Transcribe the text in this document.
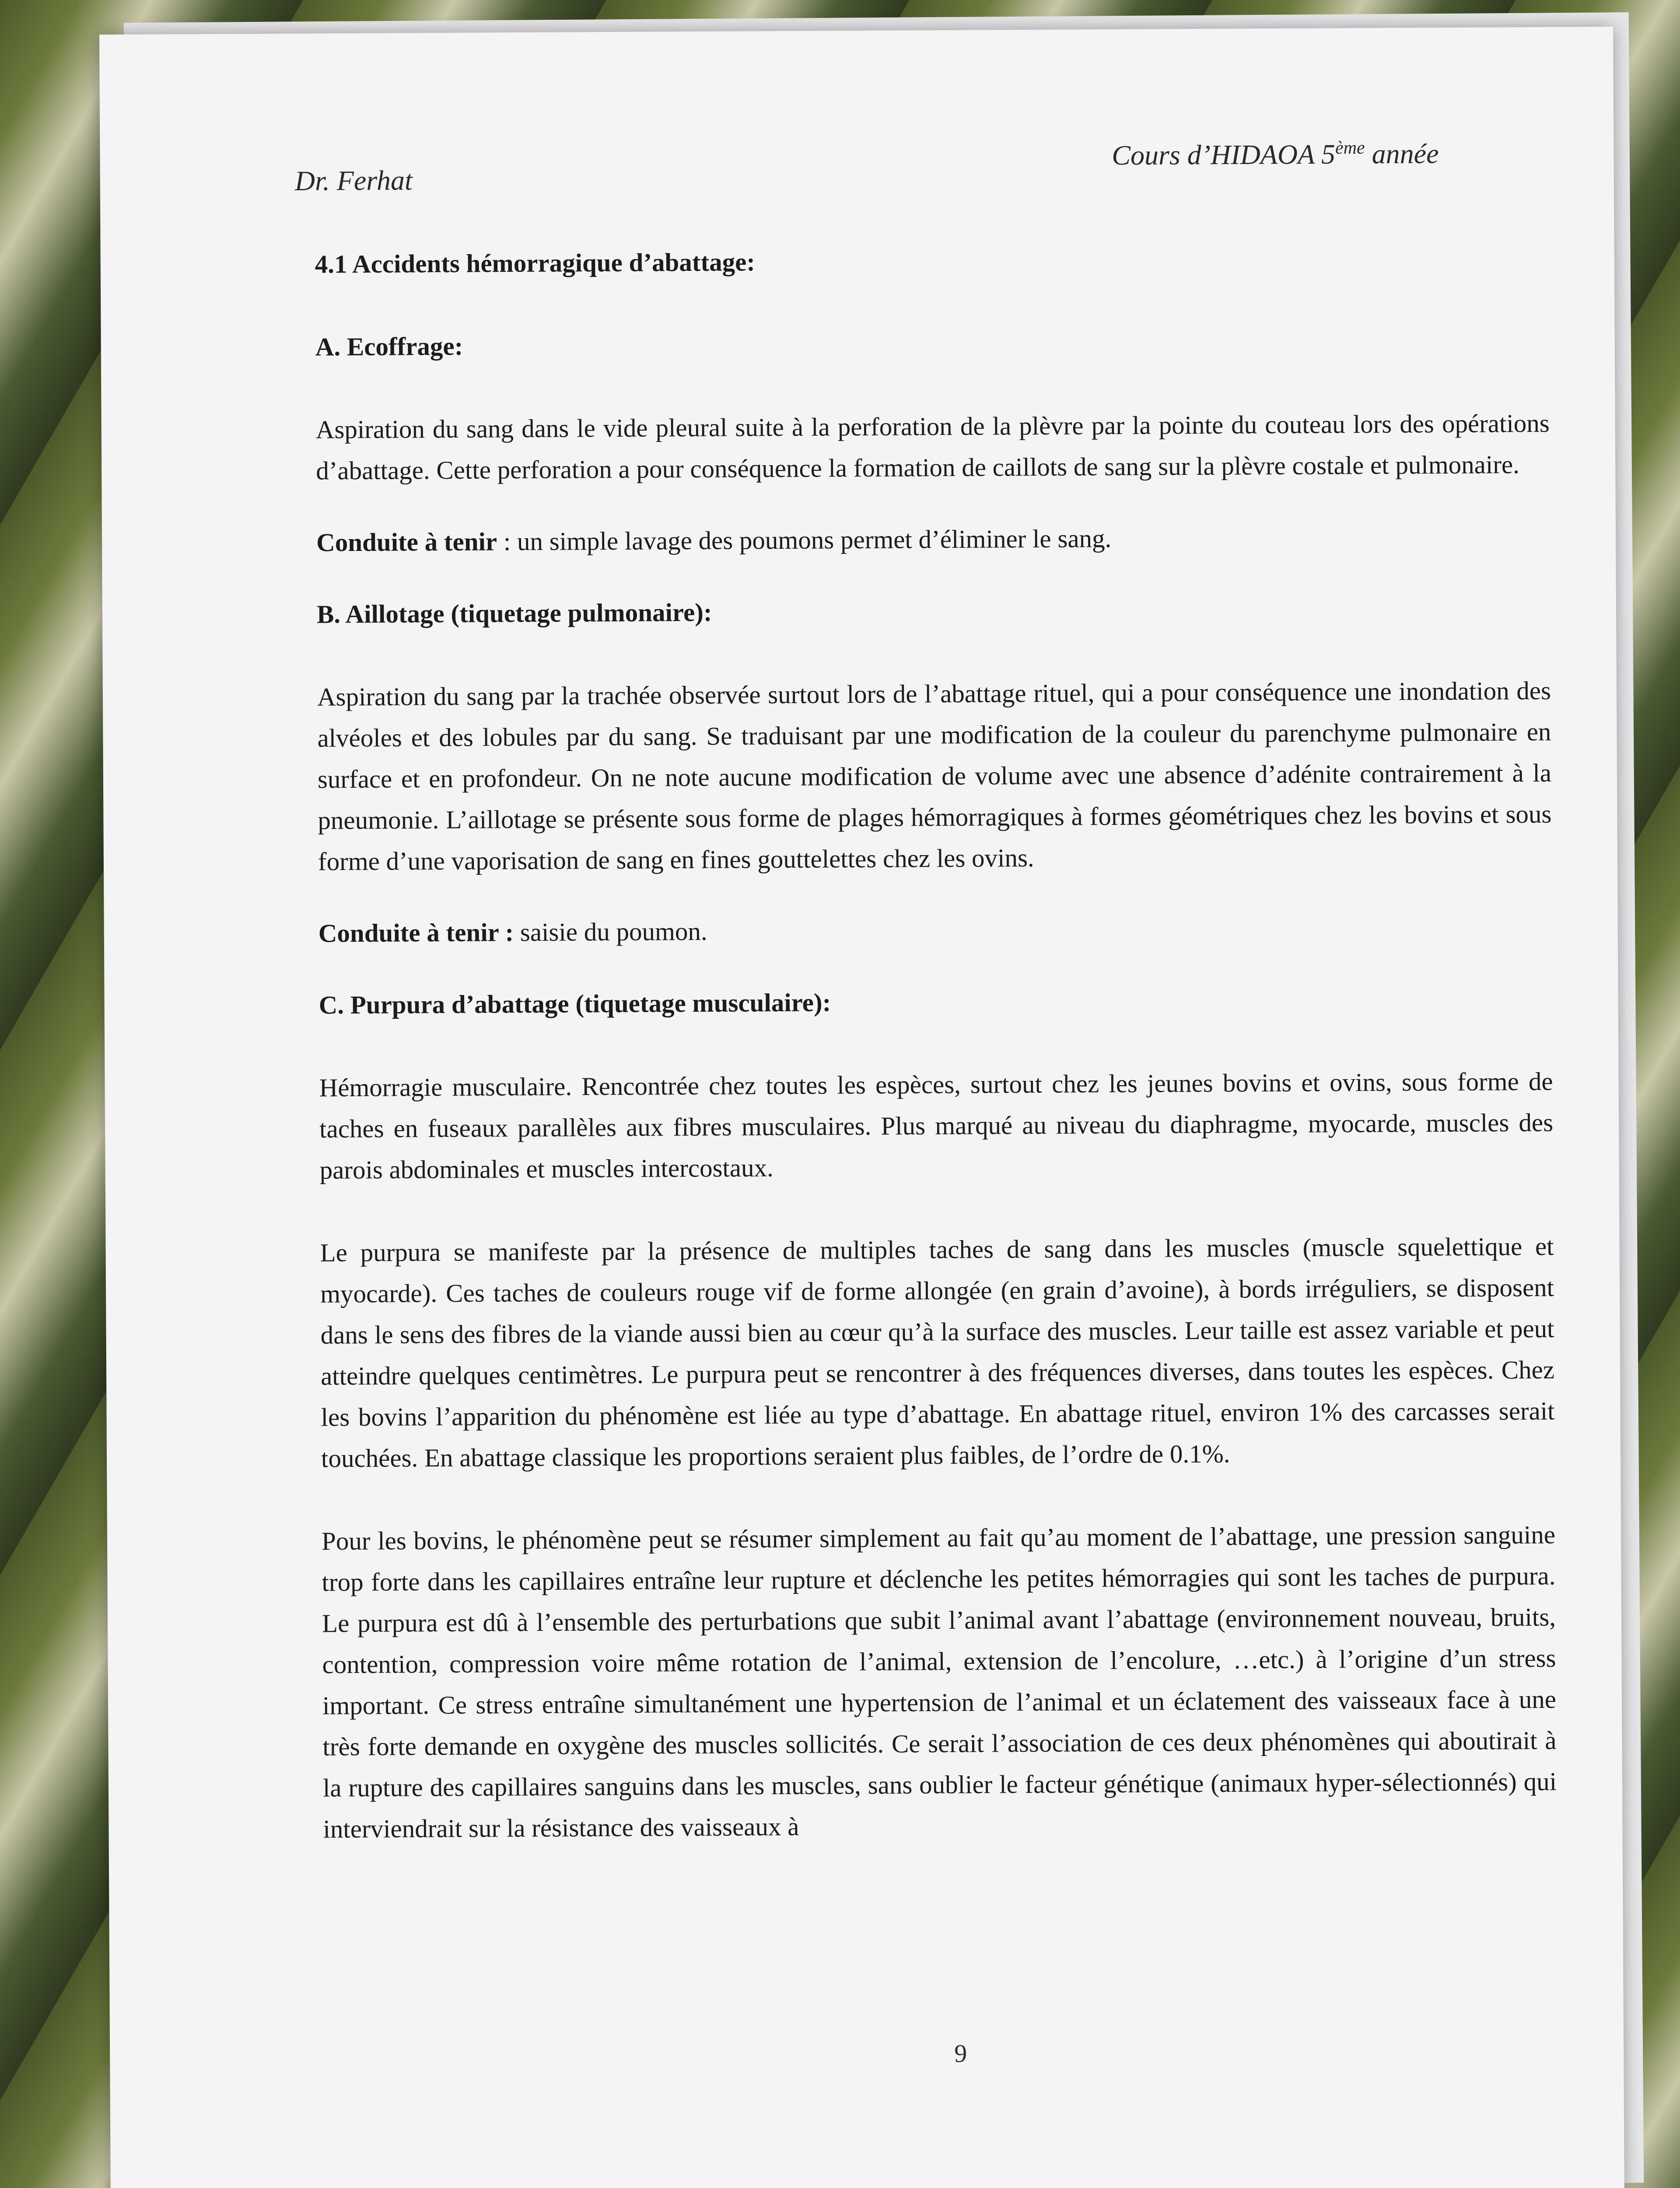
Dr. Ferhat
Cours d’HIDAOA 5ème année

4.1 Accidents hémorragique d’abattage:

A. Ecoffrage:

Aspiration du sang dans le vide pleural suite à la perforation de la plèvre par la pointe du couteau lors des opérations d’abattage. Cette perforation a pour conséquence la formation de caillots de sang sur la plèvre costale et pulmonaire.

Conduite à tenir : un simple lavage des poumons permet d’éliminer le sang.

B. Aillotage (tiquetage pulmonaire):

Aspiration du sang par la trachée observée surtout lors de l’abattage rituel, qui a pour conséquence une inondation des alvéoles et des lobules par du sang. Se traduisant par une modification de la couleur du parenchyme pulmonaire en surface et en profondeur. On ne note aucune modification de volume avec une absence d’adénite contrairement à la pneumonie. L’aillotage se présente sous forme de plages hémorragiques à formes géométriques chez les bovins et sous forme d’une vaporisation de sang en fines gouttelettes chez les ovins.

Conduite à tenir : saisie du poumon.

C. Purpura d’abattage (tiquetage musculaire):

Hémorragie musculaire. Rencontrée chez toutes les espèces, surtout chez les jeunes bovins et ovins, sous forme de taches en fuseaux parallèles aux fibres musculaires. Plus marqué au niveau du diaphragme, myocarde, muscles des parois abdominales et muscles intercostaux.

Le purpura se manifeste par la présence de multiples taches de sang dans les muscles (muscle squelettique et myocarde). Ces taches de couleurs rouge vif de forme allongée (en grain d’avoine), à bords irréguliers, se disposent dans le sens des fibres de la viande aussi bien au cœur qu’à la surface des muscles. Leur taille est assez variable et peut atteindre quelques centimètres. Le purpura peut se rencontrer à des fréquences diverses, dans toutes les espèces. Chez les bovins l’apparition du phénomène est liée au type d’abattage. En abattage rituel, environ 1% des carcasses serait touchées. En abattage classique les proportions seraient plus faibles, de l’ordre de 0.1%.

Pour les bovins, le phénomène peut se résumer simplement au fait qu’au moment de l’abattage, une pression sanguine trop forte dans les capillaires entraîne leur rupture et déclenche les petites hémorragies qui sont les taches de purpura. Le purpura est dû à l’ensemble des perturbations que subit l’animal avant l’abattage (environnement nouveau, bruits, contention, compression voire même rotation de l’animal, extension de l’encolure, …etc.) à l’origine d’un stress important. Ce stress entraîne simultanément une hypertension de l’animal et un éclatement des vaisseaux face à une très forte demande en oxygène des muscles sollicités. Ce serait l’association de ces deux phénomènes qui aboutirait à la rupture des capillaires sanguins dans les muscles, sans oublier le facteur génétique (animaux hyper-sélectionnés) qui interviendrait sur la résistance des vaisseaux à

9
